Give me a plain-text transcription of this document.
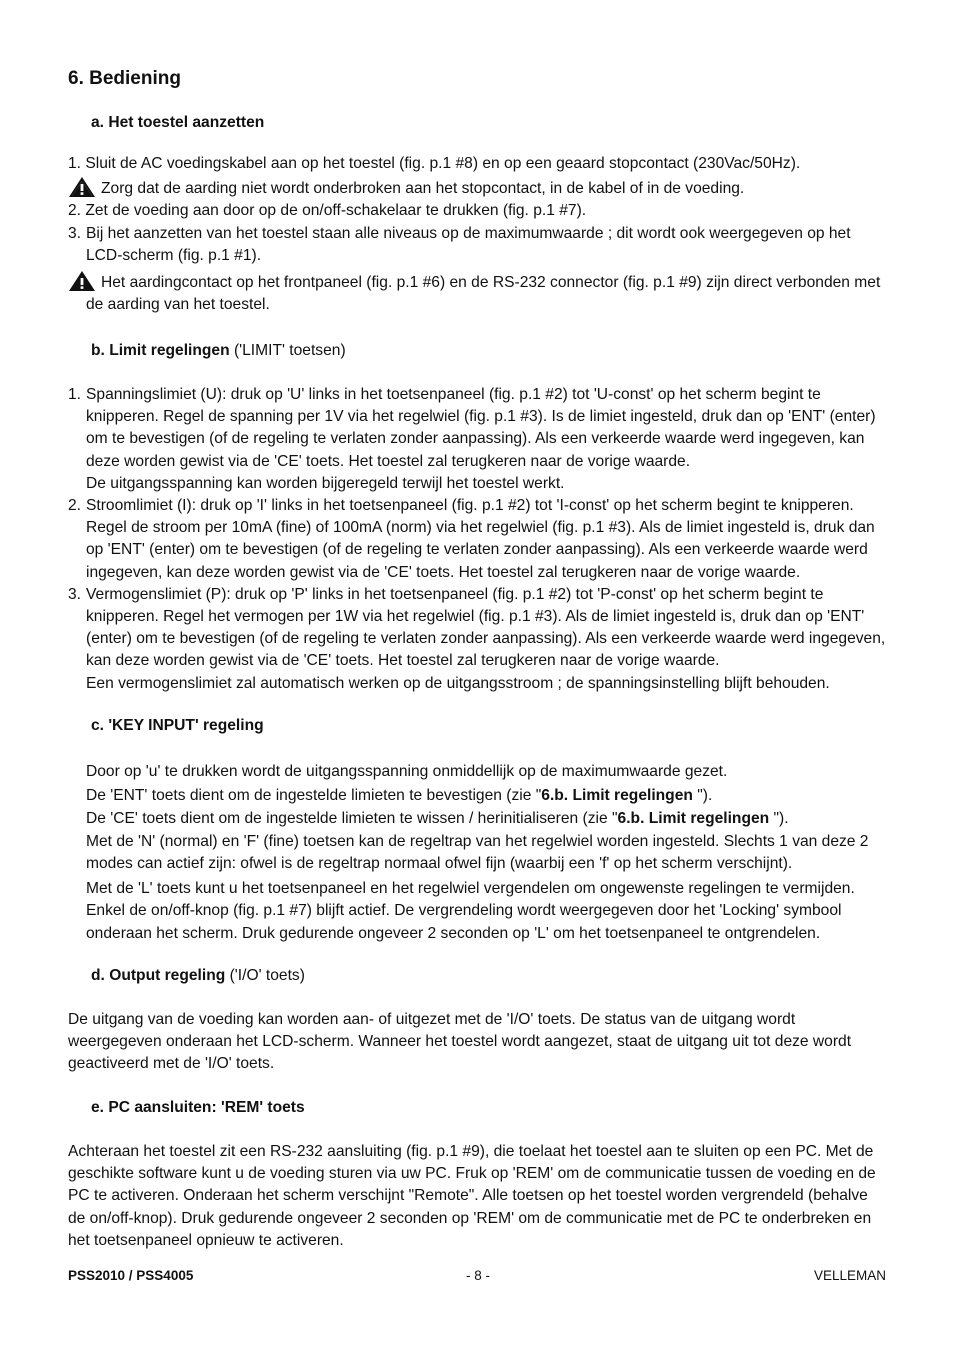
6. Bediening
a. Het toestel aanzetten
1. Sluit de AC voedingskabel aan op het toestel (fig. p.1 #8) en op een geaard stopcontact (230Vac/50Hz).
Zorg dat de aarding niet wordt onderbroken aan het stopcontact, in de kabel of in de voeding.
2. Zet de voeding aan door op de on/off-schakelaar te drukken (fig. p.1 #7).
3. Bij het aanzetten van het toestel staan alle niveaus op de maximumwaarde ; dit wordt ook weergegeven op het LCD-scherm (fig. p.1 #1).
Het aardingcontact op het frontpaneel (fig. p.1 #6) en de RS-232 connector (fig. p.1 #9) zijn direct verbonden met de aarding van het toestel.
b. Limit regelingen ('LIMIT' toetsen)
1. Spanningslimiet (U): druk op 'U' links in het toetsenpaneel (fig. p.1 #2) tot 'U-const' op het scherm begint te knipperen. Regel de spanning per 1V via het regelwiel (fig. p.1 #3). Is de limiet ingesteld, druk dan op 'ENT' (enter) om te bevestigen (of de regeling te verlaten zonder aanpassing). Als een verkeerde waarde werd ingegeven, kan deze worden gewist via de 'CE' toets. Het toestel zal terugkeren naar de vorige waarde.
De uitgangsspanning kan worden bijgeregeld terwijl het toestel werkt.
2. Stroomlimiet (I): druk op 'I' links in het toetsenpaneel (fig. p.1 #2) tot 'I-const' op het scherm begint te knipperen. Regel de stroom per 10mA (fine) of 100mA (norm) via het regelwiel (fig. p.1 #3). Als de limiet ingesteld is, druk dan op 'ENT' (enter) om te bevestigen (of de regeling te verlaten zonder aanpassing). Als een verkeerde waarde werd ingegeven, kan deze worden gewist via de 'CE' toets. Het toestel zal terugkeren naar de vorige waarde.
3. Vermogenslimiet (P): druk op 'P' links in het toetsenpaneel (fig. p.1 #2) tot 'P-const' op het scherm begint te knipperen. Regel het vermogen per 1W via het regelwiel (fig. p.1 #3). Als de limiet ingesteld is, druk dan op 'ENT' (enter) om te bevestigen (of de regeling te verlaten zonder aanpassing). Als een verkeerde waarde werd ingegeven, kan deze worden gewist via de 'CE' toets. Het toestel zal terugkeren naar de vorige waarde.
Een vermogenslimiet zal automatisch werken op de uitgangsstroom ; de spanningsinstelling blijft behouden.
c. 'KEY INPUT' regeling
Door op 'u' te drukken wordt de uitgangsspanning onmiddellijk op de maximumwaarde gezet.
De 'ENT' toets dient om de ingestelde limieten te bevestigen (zie "6.b. Limit regelingen ").
De 'CE' toets dient om de ingestelde limieten te wissen / herinitialiseren (zie "6.b. Limit regelingen ").
Met de 'N' (normal) en 'F' (fine) toetsen kan de regeltrap van het regelwiel worden ingesteld. Slechts 1 van deze 2 modes can actief zijn: ofwel is de regeltrap normaal ofwel fijn (waarbij een 'f' op het scherm verschijnt).
Met de 'L' toets kunt u het toetsenpaneel en het regelwiel vergendelen om ongewenste regelingen te vermijden. Enkel de on/off-knop (fig. p.1 #7) blijft actief. De vergrendeling wordt weergegeven door het 'Locking' symbool onderaan het scherm. Druk gedurende ongeveer 2 seconden op 'L' om het toetsenpaneel te ontgrendelen.
d. Output regeling ('I/O' toets)
De uitgang van de voeding kan worden aan- of uitgezet met de 'I/O' toets. De status van de uitgang wordt weergegeven onderaan het LCD-scherm. Wanneer het toestel wordt aangezet, staat de uitgang uit tot deze wordt geactiveerd met de 'I/O' toets.
e. PC aansluiten: 'REM' toets
Achteraan het toestel zit een RS-232 aansluiting (fig. p.1 #9), die toelaat het toestel aan te sluiten op een PC. Met de geschikte software kunt u de voeding sturen via uw PC. Fruk op 'REM' om de communicatie tussen de voeding en de PC te activeren. Onderaan het scherm verschijnt "Remote". Alle toetsen op het toestel worden vergrendeld (behalve de on/off-knop). Druk gedurende ongeveer 2 seconden op 'REM' om de communicatie met de PC te onderbreken en het toetsenpaneel opnieuw te activeren.
PSS2010 / PSS4005	- 8 -	VELLEMAN
